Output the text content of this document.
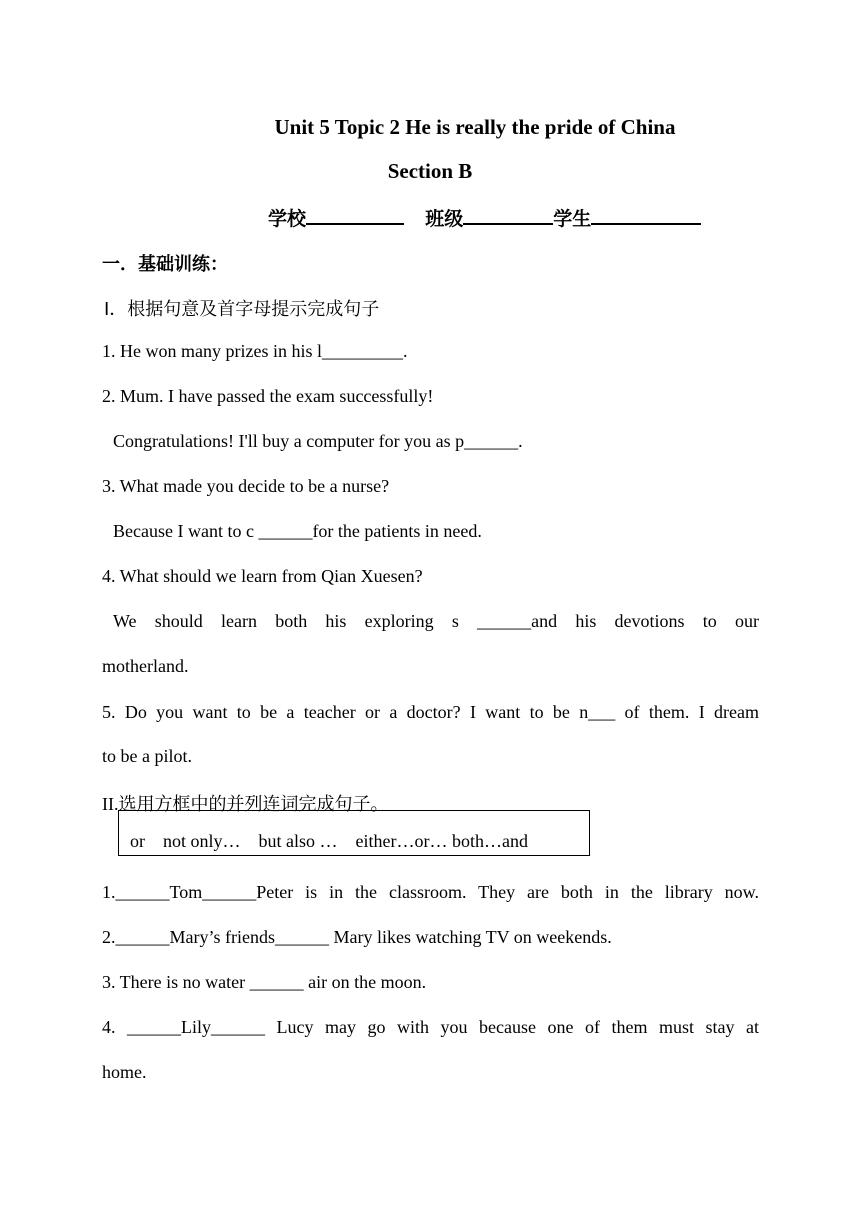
Unit 5 Topic 2 He is really the pride of China
Section B
学校	班级	学生
一．基础训练：
Ⅰ．根据句意及首字母提示完成句子
1. He won many prizes in his l_________.
2. Mum. I have passed the exam successfully!
Congratulations! I'll buy a computer for you as p______.
3. What made you decide to be a nurse?
Because I want to c ______for the patients in need.
4. What should we learn from Qian Xuesen?
We should learn both his exploring s ______and his devotions to our
motherland.
5. Do you want to be a teacher or a doctor? I want to be n___ of them. I dream
to be a pilot.
II.选用方框中的并列连词完成句子。
or    not only…    but also …    either…or… both…and
1.______Tom______Peter is in the classroom. They are both in the library now.
2.______Mary’s friends______ Mary likes watching TV on weekends.
3. There is no water ______ air on the moon.
4. ______Lily______ Lucy may go with you because one of them must stay at
home.
